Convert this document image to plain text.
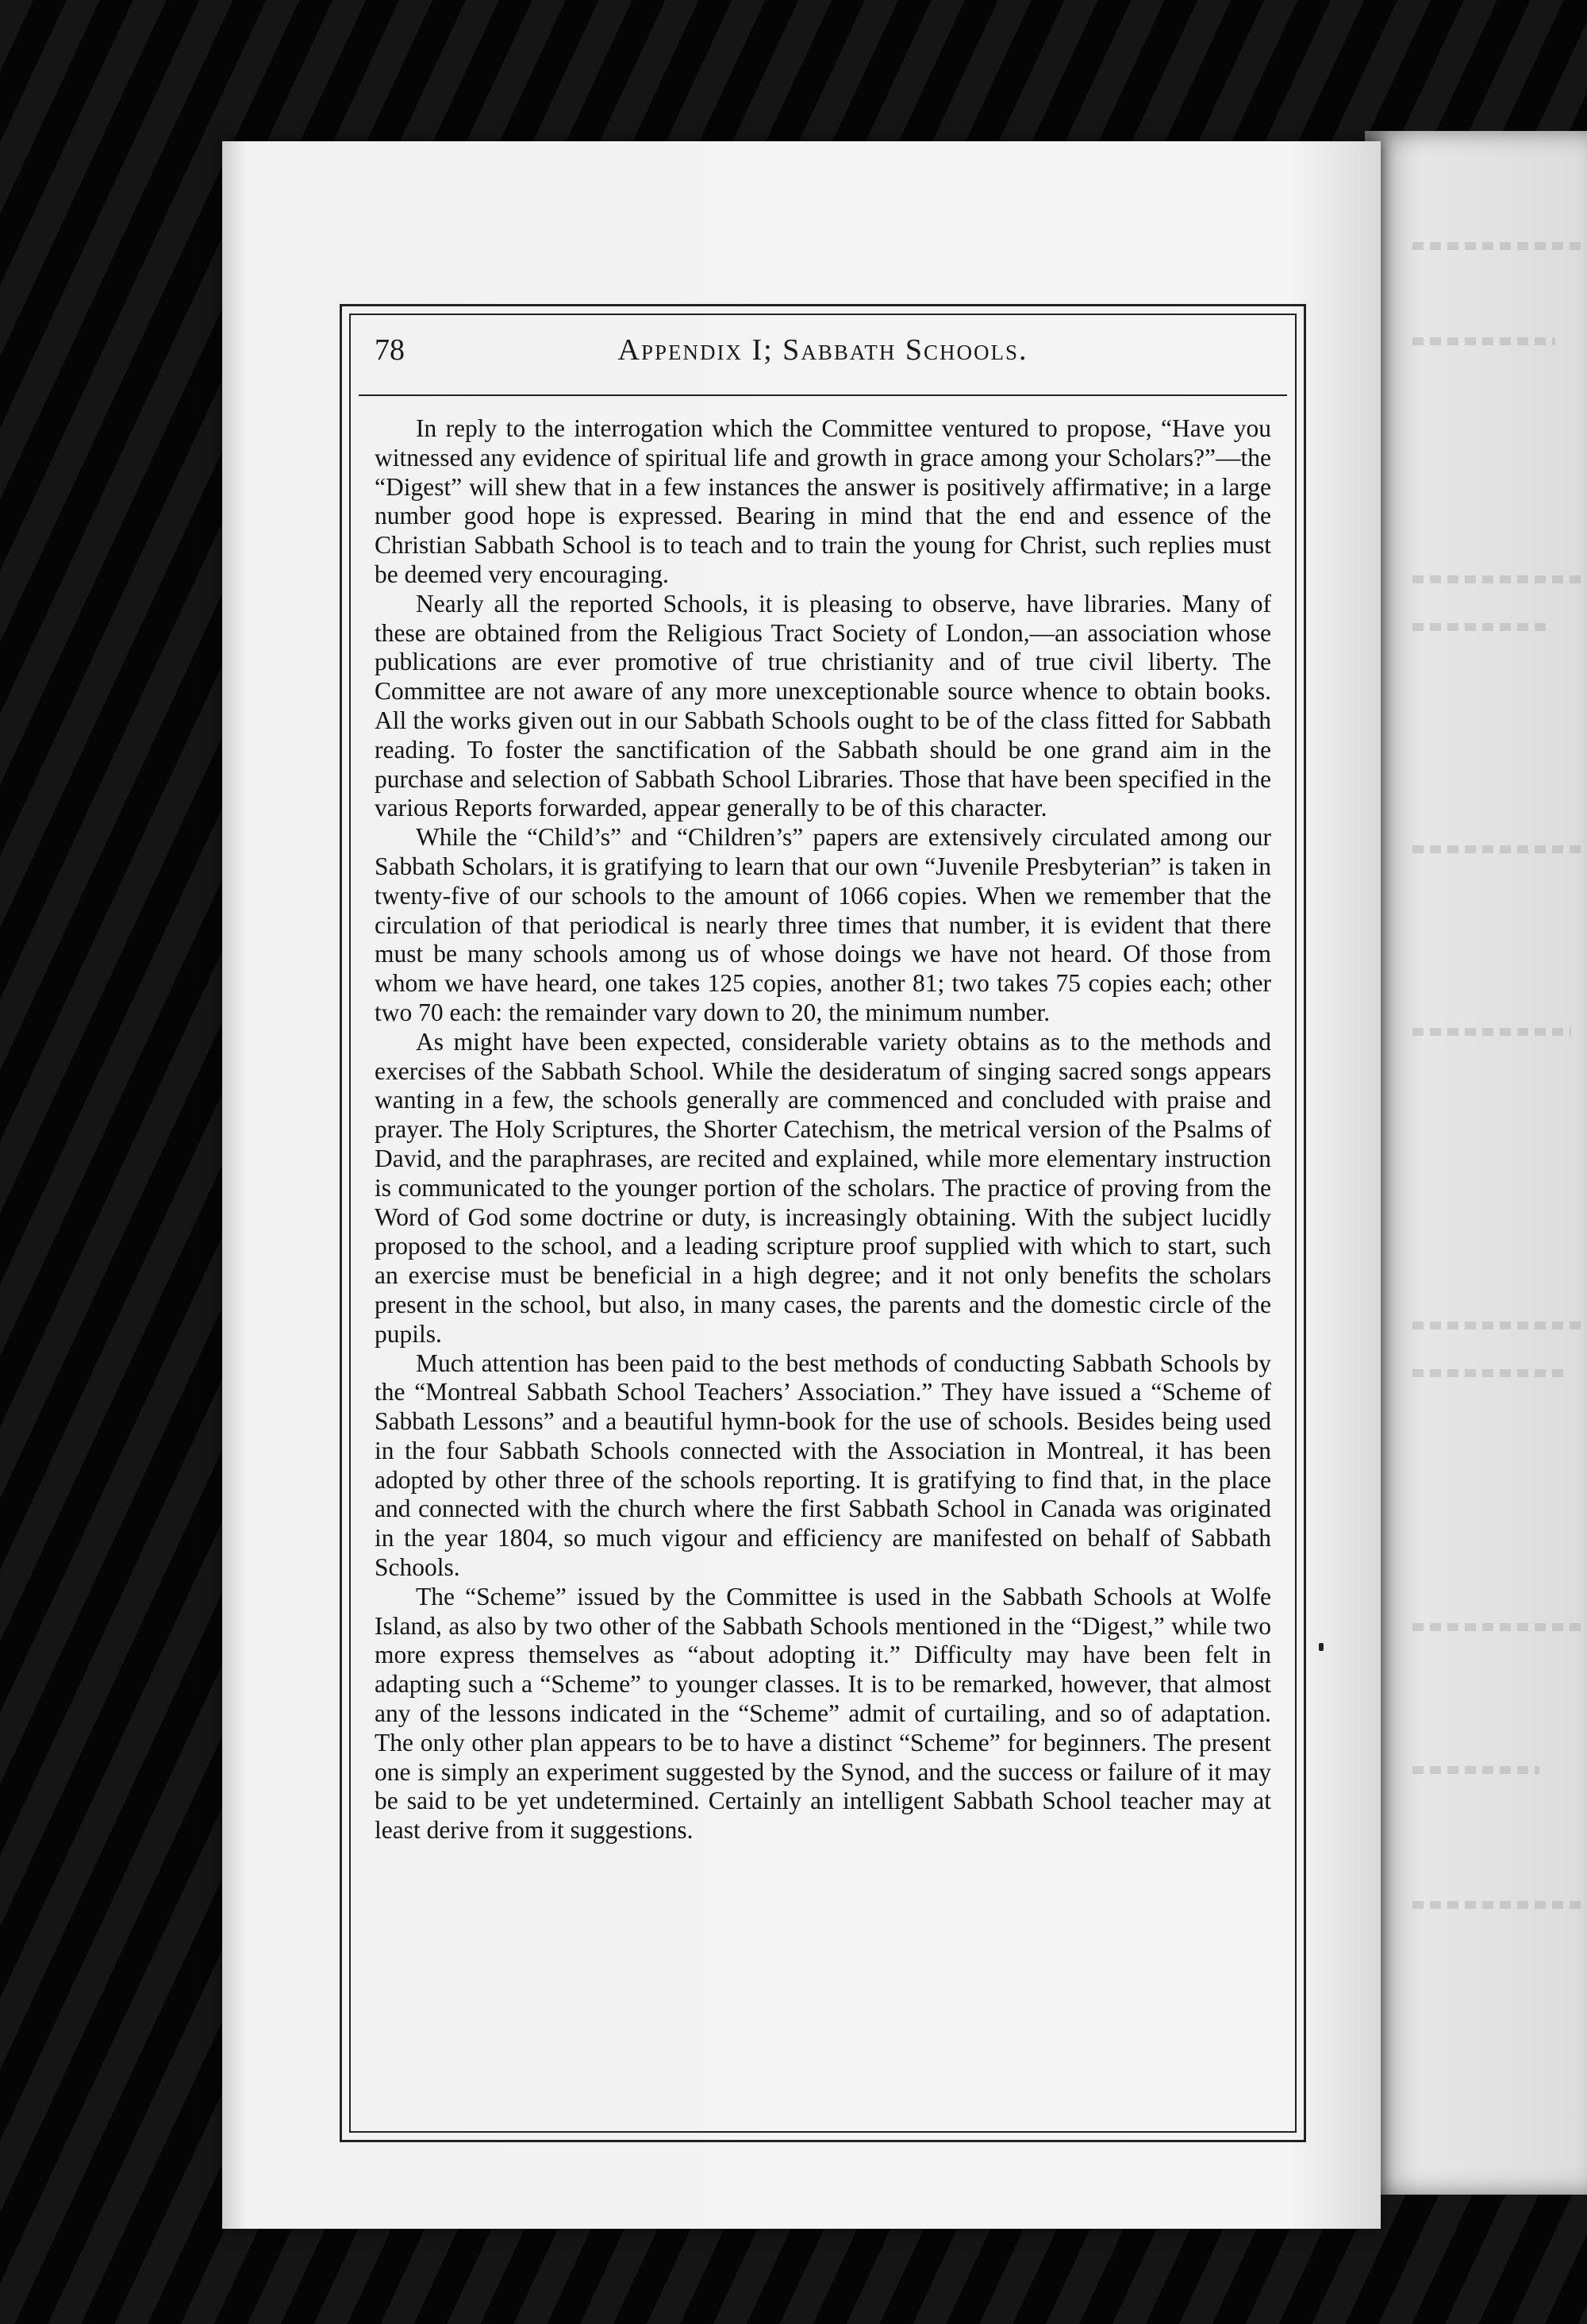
78	Appendix I; Sabbath Schools.

In reply to the interrogation which the Committee ventured to propose, “Have you witnessed any evidence of spiritual life and growth in grace among your Scholars?”—the “Digest” will shew that in a few instances the answer is positively affirmative; in a large number good hope is expressed. Bearing in mind that the end and essence of the Christian Sabbath School is to teach and to train the young for Christ, such replies must be deemed very encouraging.

Nearly all the reported Schools, it is pleasing to observe, have libraries. Many of these are obtained from the Religious Tract Society of London,—an association whose publications are ever promotive of true christianity and of true civil liberty. The Committee are not aware of any more unexceptionable source whence to obtain books. All the works given out in our Sabbath Schools ought to be of the class fitted for Sabbath reading. To foster the sanctification of the Sabbath should be one grand aim in the purchase and selection of Sabbath School Libraries. Those that have been specified in the various Reports forwarded, appear generally to be of this character.

While the “Child’s” and “Children’s” papers are extensively circulated among our Sabbath Scholars, it is gratifying to learn that our own “Juvenile Presbyterian” is taken in twenty-five of our schools to the amount of 1066 copies. When we remember that the circulation of that periodical is nearly three times that number, it is evident that there must be many schools among us of whose doings we have not heard. Of those from whom we have heard, one takes 125 copies, another 81; two takes 75 copies each; other two 70 each: the remainder vary down to 20, the minimum number.

As might have been expected, considerable variety obtains as to the methods and exercises of the Sabbath School. While the desideratum of singing sacred songs appears wanting in a few, the schools generally are commenced and concluded with praise and prayer. The Holy Scriptures, the Shorter Catechism, the metrical version of the Psalms of David, and the paraphrases, are recited and explained, while more elementary instruction is communicated to the younger portion of the scholars. The practice of proving from the Word of God some doctrine or duty, is increasingly obtaining. With the subject lucidly proposed to the school, and a leading scripture proof supplied with which to start, such an exercise must be beneficial in a high degree; and it not only benefits the scholars present in the school, but also, in many cases, the parents and the domestic circle of the pupils.

Much attention has been paid to the best methods of conducting Sabbath Schools by the “Montreal Sabbath School Teachers’ Association.” They have issued a “Scheme of Sabbath Lessons” and a beautiful hymn-book for the use of schools. Besides being used in the four Sabbath Schools connected with the Association in Montreal, it has been adopted by other three of the schools reporting. It is gratifying to find that, in the place and connected with the church where the first Sabbath School in Canada was originated in the year 1804, so much vigour and efficiency are manifested on behalf of Sabbath Schools.

The “Scheme” issued by the Committee is used in the Sabbath Schools at Wolfe Island, as also by two other of the Sabbath Schools mentioned in the “Digest,” while two more express themselves as “about adopting it.” Difficulty may have been felt in adapting such a “Scheme” to younger classes. It is to be remarked, however, that almost any of the lessons indicated in the “Scheme” admit of curtailing, and so of adaptation. The only other plan appears to be to have a distinct “Scheme” for beginners. The present one is simply an experiment suggested by the Synod, and the success or failure of it may be said to be yet undetermined. Certainly an intelligent Sabbath School teacher may at least derive from it suggestions.
